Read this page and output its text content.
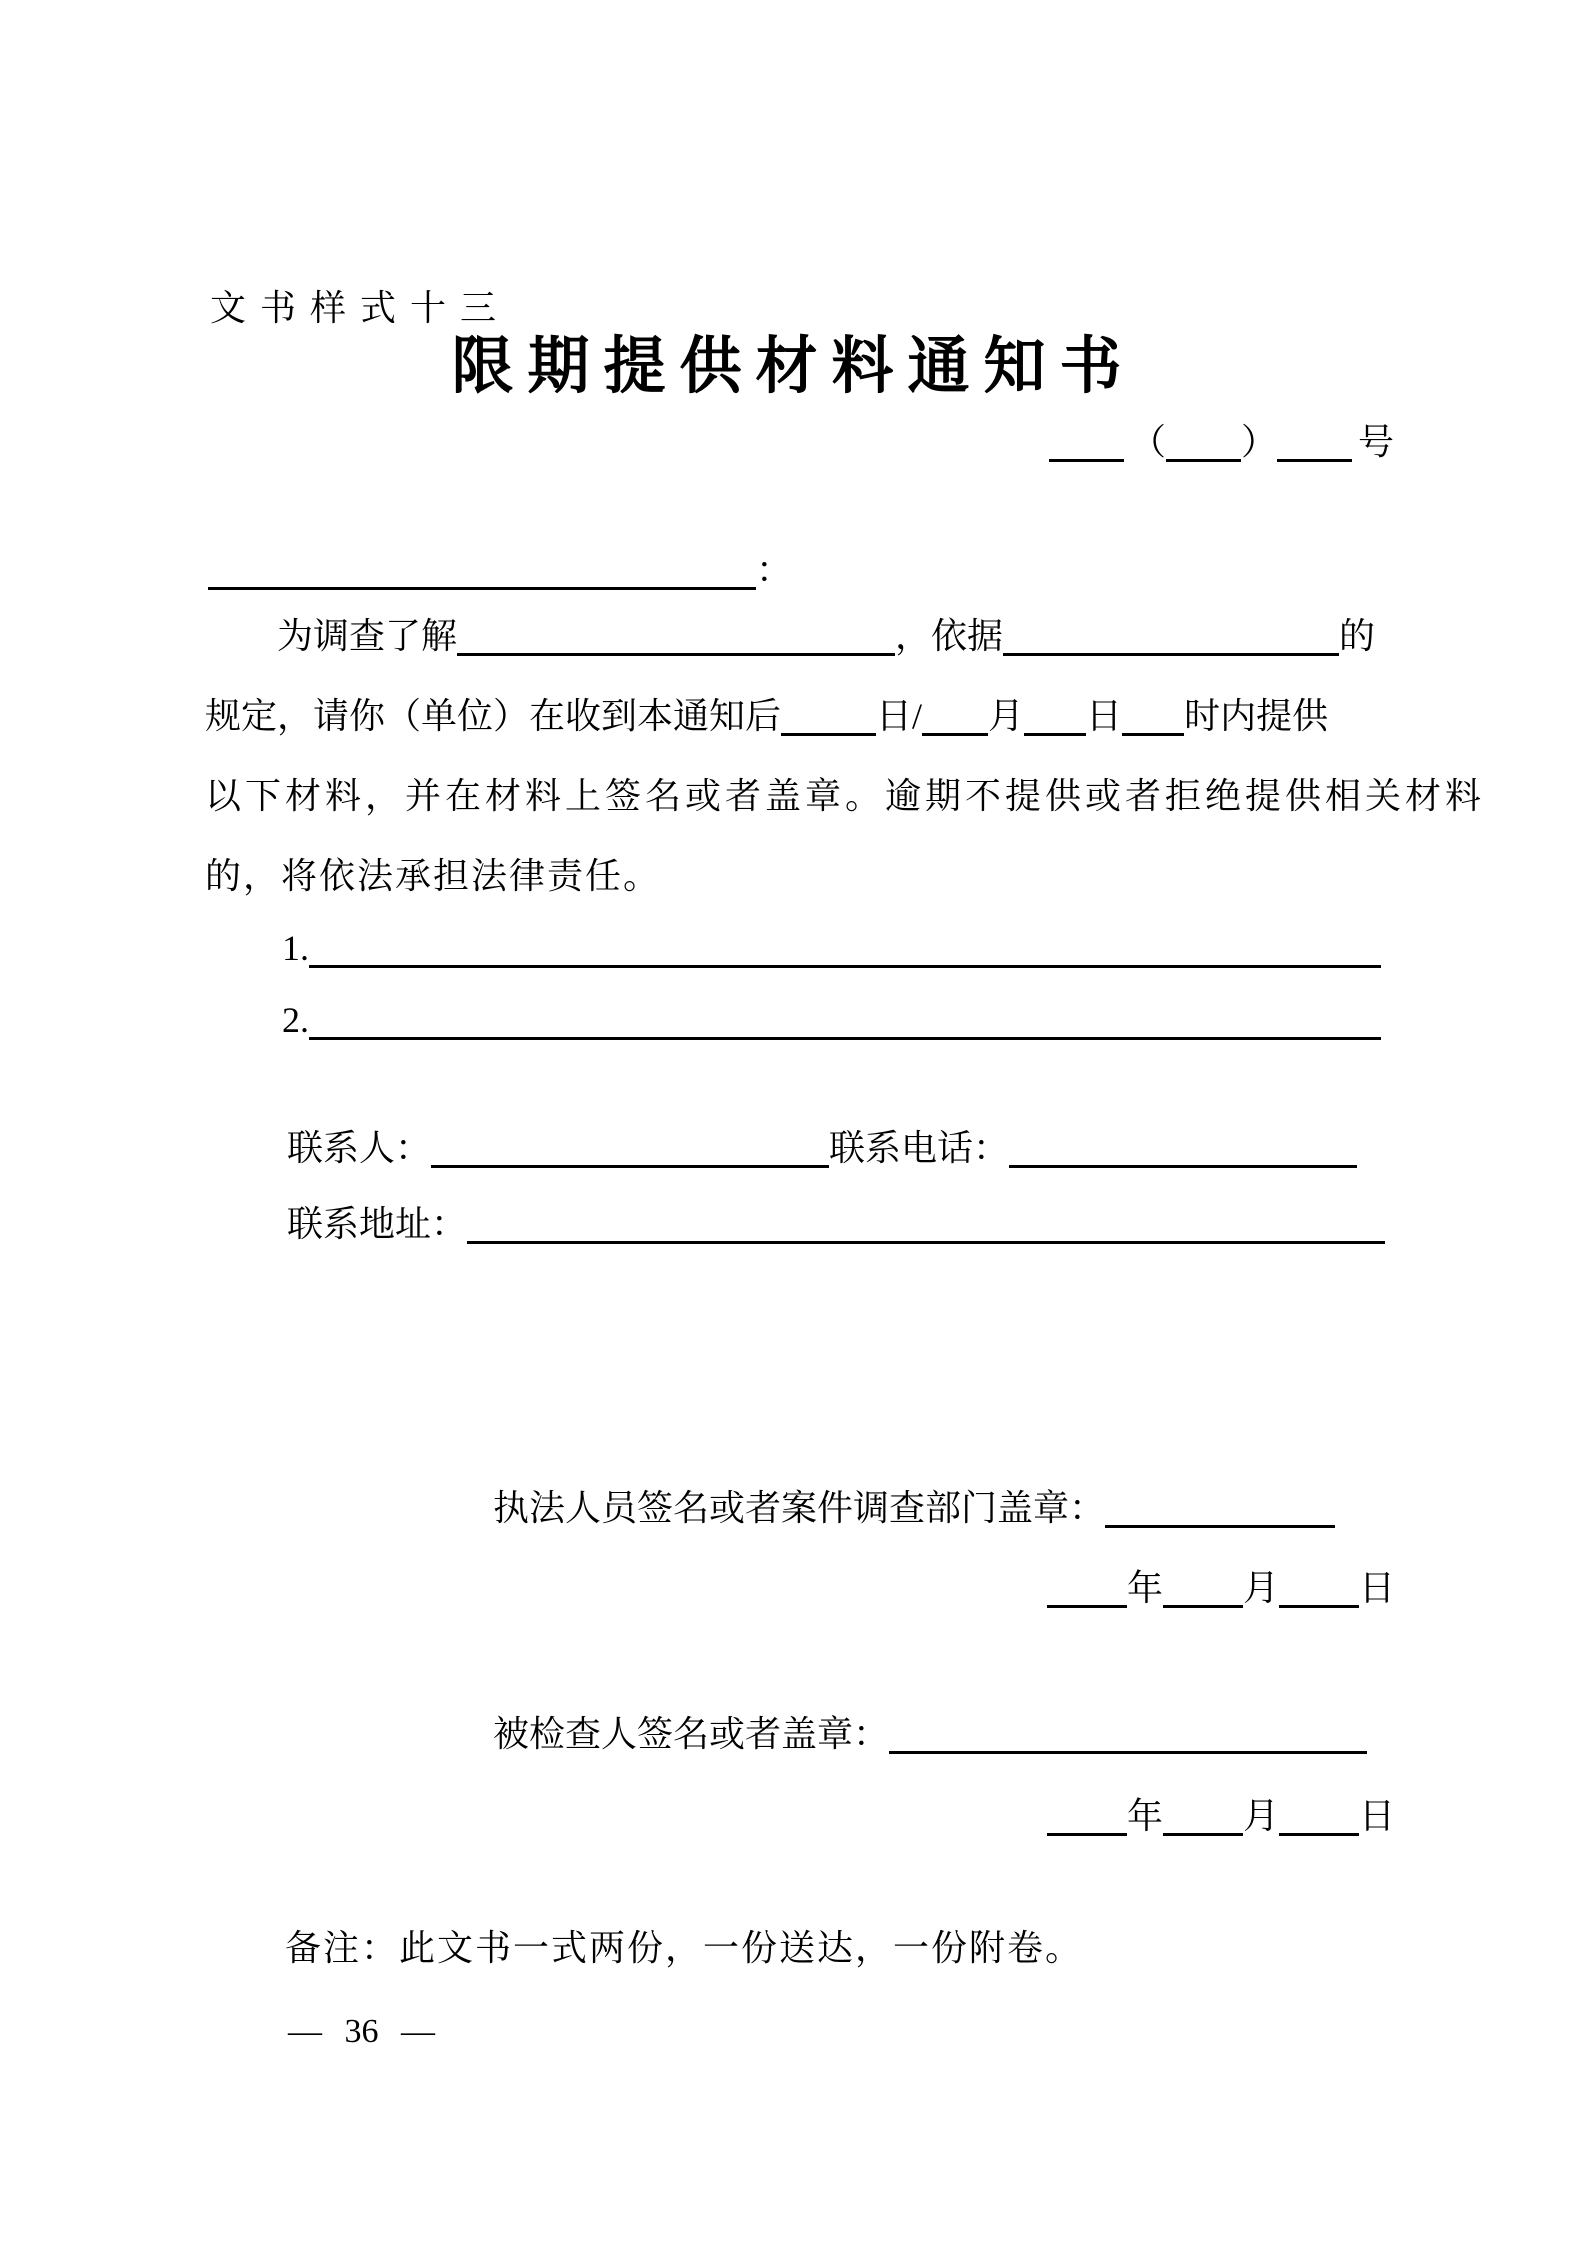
文书样式十三
限期提供材料通知书
（ ） 号
：
为调查了解	，依据	的
规定，请你（单位）在收到本通知后	日/ 月 日 时内提供
以下材料，并在材料上签名或者盖章。逾期不提供或者拒绝提供相关材料
的，将依法承担法律责任。
1.
2.
联系人：	联系电话：
联系地址：
执法人员签名或者案件调查部门盖章：
年 月 日
被检查人签名或者盖章：
年 月 日
备注：此文书一式两份，一份送达，一份附卷。
— 36 —
